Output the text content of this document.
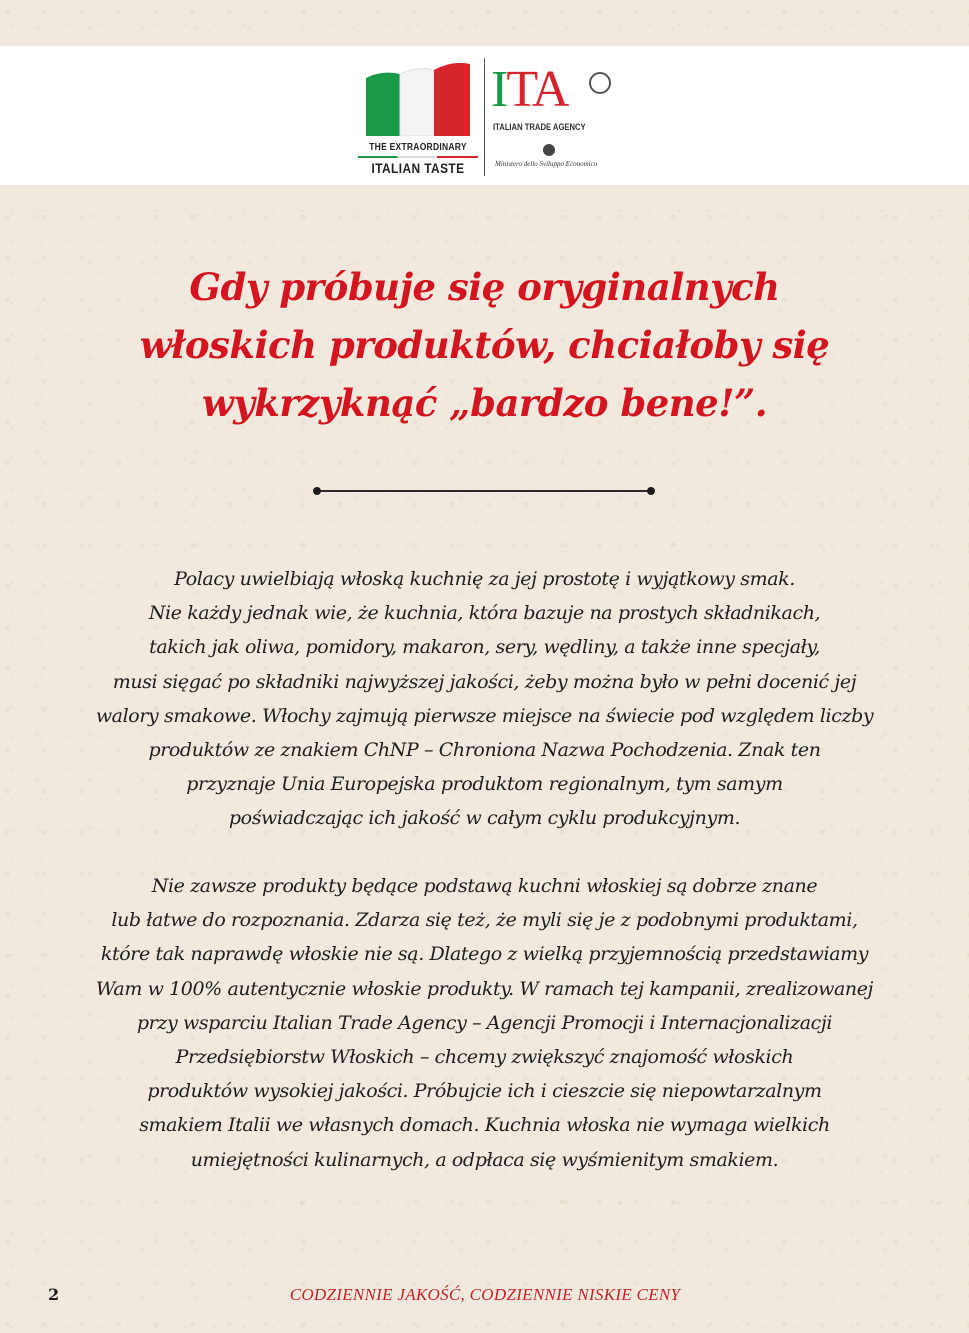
THE EXTRAORDINARY
ITALIAN TASTE
ITA
ITALIAN TRADE AGENCY
Ministero dello Sviluppo Economico
Gdy próbuje się oryginalnych
włoskich produktów, chciałoby się
wykrzyknąć „bardzo bene!”.
Polacy uwielbiają włoską kuchnię za jej prostotę i wyjątkowy smak.
Nie każdy jednak wie, że kuchnia, która bazuje na prostych składnikach,
takich jak oliwa, pomidory, makaron, sery, wędliny, a także inne specjały,
musi sięgać po składniki najwyższej jakości, żeby można było w pełni docenić jej
walory smakowe. Włochy zajmują pierwsze miejsce na świecie pod względem liczby
produktów ze znakiem ChNP – Chroniona Nazwa Pochodzenia. Znak ten
przyznaje Unia Europejska produktom regionalnym, tym samym
poświadczając ich jakość w całym cyklu produkcyjnym.
Nie zawsze produkty będące podstawą kuchni włoskiej są dobrze znane
lub łatwe do rozpoznania. Zdarza się też, że myli się je z podobnymi produktami,
które tak naprawdę włoskie nie są. Dlatego z wielką przyjemnością przedstawiamy
Wam w 100% autentycznie włoskie produkty. W ramach tej kampanii, zrealizowanej
przy wsparciu Italian Trade Agency – Agencji Promocji i Internacjonalizacji
Przedsiębiorstw Włoskich – chcemy zwiększyć znajomość włoskich
produktów wysokiej jakości. Próbujcie ich i cieszcie się niepowtarzalnym
smakiem Italii we własnych domach. Kuchnia włoska nie wymaga wielkich
umiejętności kulinarnych, a odpłaca się wyśmienitym smakiem.
2	CODZIENNIE JAKOŚĆ, CODZIENNIE NISKIE CENY
